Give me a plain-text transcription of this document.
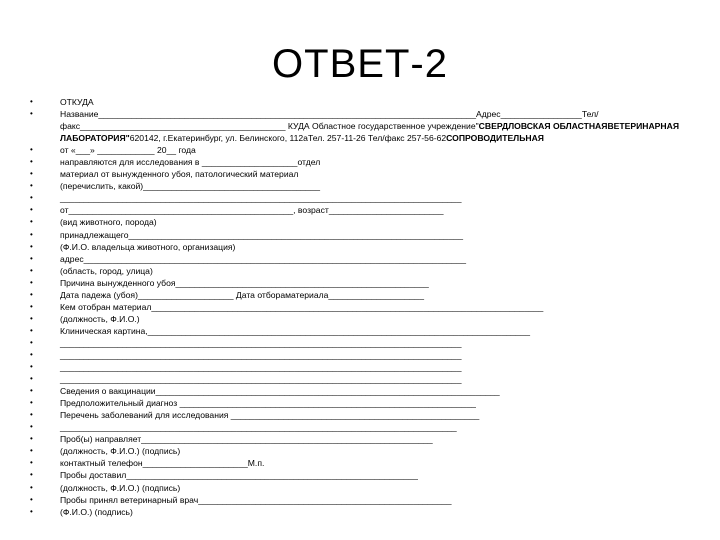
ОТВЕТ-2
•	ОТКУДА
•	Название_______________________________________________________________________________Адрес_________________Тел/факс___________________________________________ КУДА Областное государственное учреждение"СВЕРДЛОВСКАЯ ОБЛАСТНАЯВЕТЕРИНАРНАЯ ЛАБОРАТОРИЯ"620142, г.Екатеринбург, ул. Белинского, 112аТел. 257-11-26 Тел/факс 257-56-62СОПРОВОДИТЕЛЬНАЯ
•	от «___» ____________ 20__ года
•	направляются для исследования в ____________________отдел
•	материал от вынужденного убоя, патологический материал
•	(перечислить, какой)_____________________________________
•	____________________________________________________________________________________
•	от_______________________________________________, возраст________________________
•	(вид животного, порода)
•	принадлежащего______________________________________________________________________
•	(Ф.И.О. владельца животного, организация)
•	адрес________________________________________________________________________________
•	(область, город, улица)
•	Причина вынужденного убоя_____________________________________________________
•	Дата падежа (убоя)____________________ Дата отбораматериала____________________
•	Кем отобран материал__________________________________________________________________________________
•	(должность, Ф.И.О.)
•	Клиническая картина,________________________________________________________________________________
•	____________________________________________________________________________________
•	____________________________________________________________________________________
•	____________________________________________________________________________________
•	____________________________________________________________________________________
•	Сведения о вакцинации________________________________________________________________________
•	Предположительный диагноз ______________________________________________________________
•	Перечень заболеваний для исследования ____________________________________________________
•	___________________________________________________________________________________
•	Проб(ы) направляет_____________________________________________________________
•	(должность, Ф.И.О.) (подпись)
•	контактный телефон______________________М.п.
•	Пробы доставил_____________________________________________________________
•	(должность, Ф.И.О.) (подпись)
•	Пробы принял ветеринарный врач_____________________________________________________
•	(Ф.И.О.) (подпись)
